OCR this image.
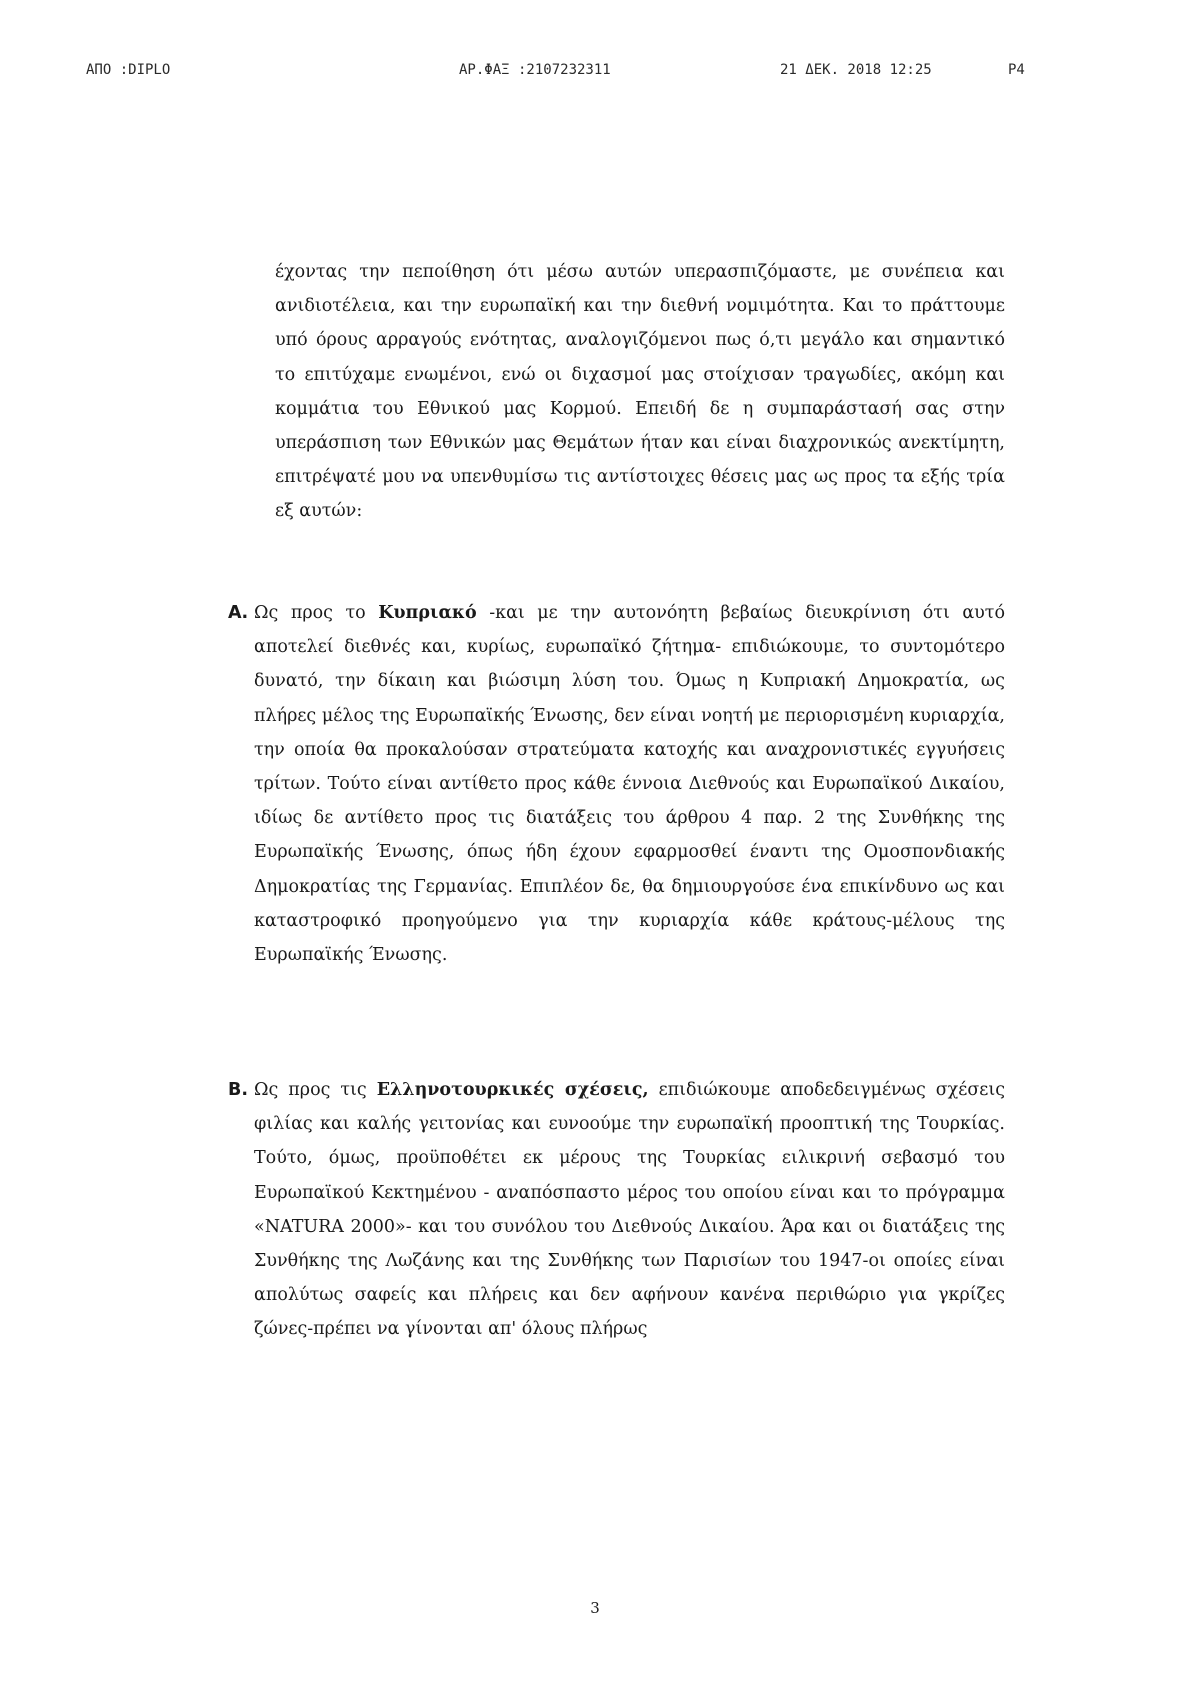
ΑΠΟ :DIPLO	ΑΡ.ΦΑΞ :2107232311	21 ΔΕΚ. 2018 12:25	Ρ4
έχοντας την πεποίθηση ότι μέσω αυτών υπερασπιζόμαστε, με συνέπεια και ανιδιοτέλεια, και την ευρωπαϊκή και την διεθνή νομιμότητα. Και το πράττουμε υπό όρους αρραγούς ενότητας, αναλογιζόμενοι πως ό,τι μεγάλο και σημαντικό το επιτύχαμε ενωμένοι, ενώ οι διχασμοί μας στοίχισαν τραγωδίες, ακόμη και κομμάτια του Εθνικού μας Κορμού. Επειδή δε η συμπαράστασή σας στην υπεράσπιση των Εθνικών μας Θεμάτων ήταν και είναι διαχρονικώς ανεκτίμητη, επιτρέψατέ μου να υπενθυμίσω τις αντίστοιχες θέσεις μας ως προς τα εξής τρία εξ αυτών:
Α. Ως προς το Κυπριακό -και με την αυτονόητη βεβαίως διευκρίνιση ότι αυτό αποτελεί διεθνές και, κυρίως, ευρωπαϊκό ζήτημα- επιδιώκουμε, το συντομότερο δυνατό, την δίκαιη και βιώσιμη λύση του. Όμως η Κυπριακή Δημοκρατία, ως πλήρες μέλος της Ευρωπαϊκής Ένωσης, δεν είναι νοητή με περιορισμένη κυριαρχία, την οποία θα προκαλούσαν στρατεύματα κατοχής και αναχρονιστικές εγγυήσεις τρίτων. Τούτο είναι αντίθετο προς κάθε έννοια Διεθνούς και Ευρωπαϊκού Δικαίου, ιδίως δε αντίθετο προς τις διατάξεις του άρθρου 4 παρ. 2 της Συνθήκης της Ευρωπαϊκής Ένωσης, όπως ήδη έχουν εφαρμοσθεί έναντι της Ομοσπονδιακής Δημοκρατίας της Γερμανίας. Επιπλέον δε, θα δημιουργούσε ένα επικίνδυνο ως και καταστροφικό προηγούμενο για την κυριαρχία κάθε κράτους-μέλους της Ευρωπαϊκής Ένωσης.
Β. Ως προς τις Ελληνοτουρκικές σχέσεις, επιδιώκουμε αποδεδειγμένως σχέσεις φιλίας και καλής γειτονίας και ευνοούμε την ευρωπαϊκή προοπτική της Τουρκίας. Τούτο, όμως, προϋποθέτει εκ μέρους της Τουρκίας ειλικρινή σεβασμό του Ευρωπαϊκού Κεκτημένου - αναπόσπαστο μέρος του οποίου είναι και το πρόγραμμα «NATURA 2000»- και του συνόλου του Διεθνούς Δικαίου. Άρα και οι διατάξεις της Συνθήκης της Λωζάνης και της Συνθήκης των Παρισίων του 1947-οι οποίες είναι απολύτως σαφείς και πλήρεις και δεν αφήνουν κανένα περιθώριο για γκρίζες ζώνες-πρέπει να γίνονται απ' όλους πλήρως
3
